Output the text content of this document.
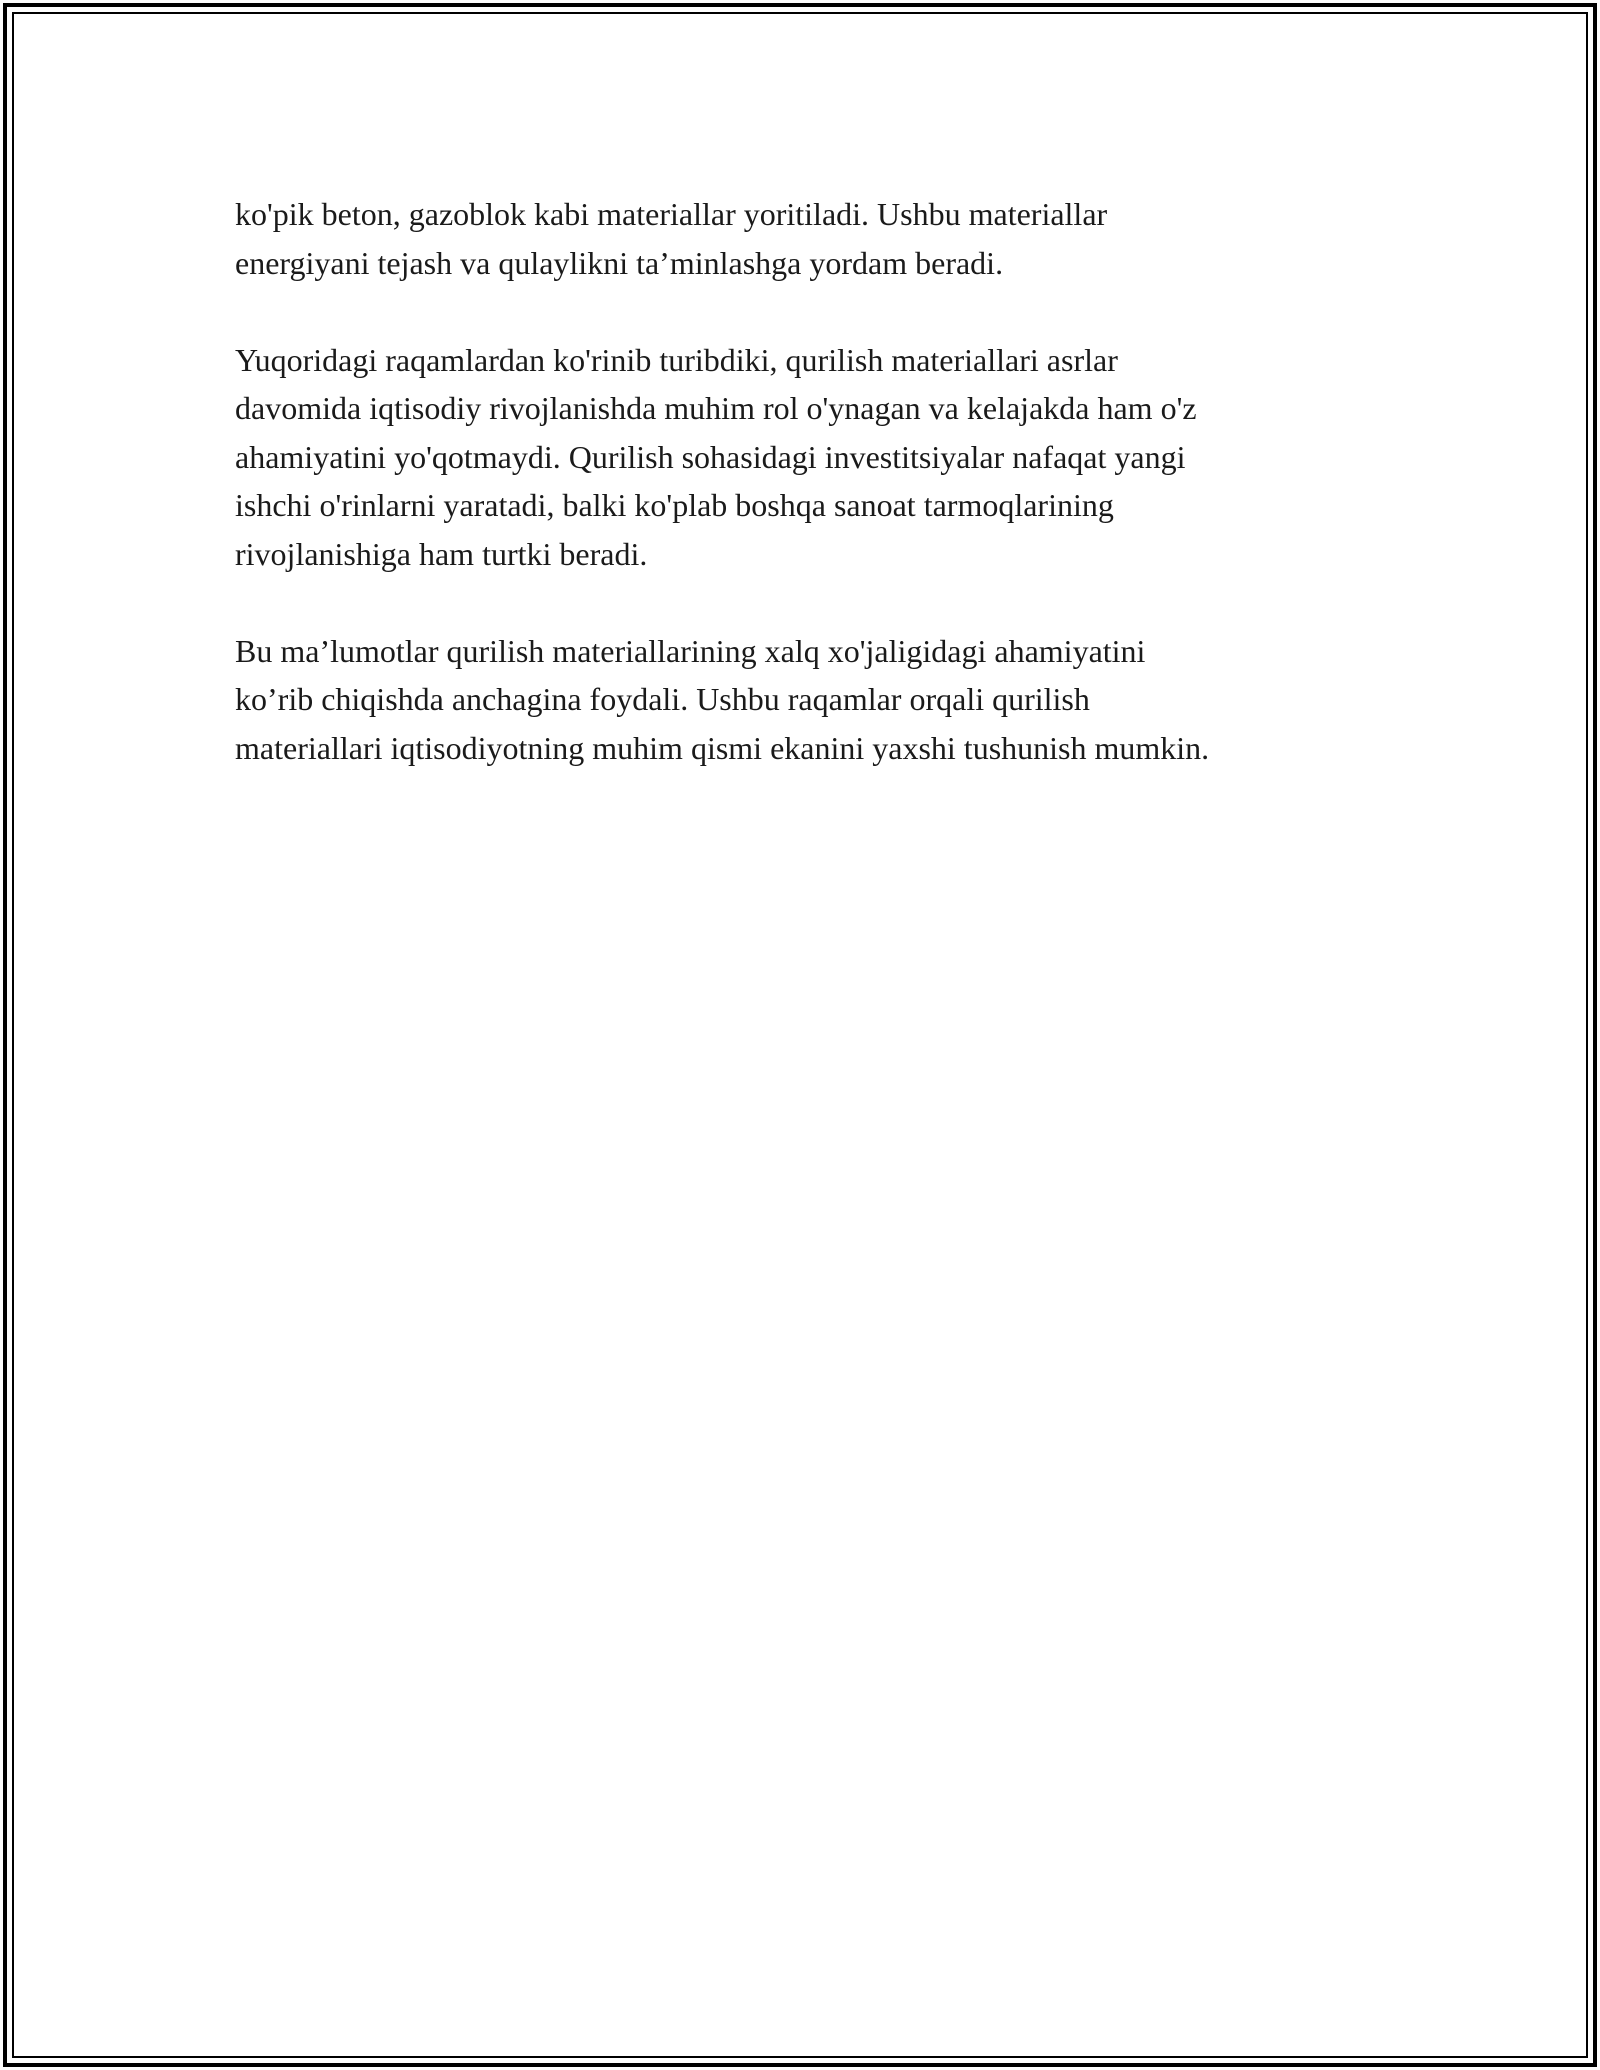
ko'pik beton, gazoblok kabi materiallar yoritiladi. Ushbu materiallar
energiyani tejash va qulaylikni ta’minlashga yordam beradi.
Yuqoridagi raqamlardan ko'rinib turibdiki, qurilish materiallari asrlar
davomida iqtisodiy rivojlanishda muhim rol o'ynagan va kelajakda ham o'z
ahamiyatini yo'qotmaydi. Qurilish sohasidagi investitsiyalar nafaqat yangi
ishchi o'rinlarni yaratadi, balki ko'plab boshqa sanoat tarmoqlarining
rivojlanishiga ham turtki beradi.
Bu ma’lumotlar qurilish materiallarining xalq xo'jaligidagi ahamiyatini
ko’rib chiqishda anchagina foydali. Ushbu raqamlar orqali qurilish
materiallari iqtisodiyotning muhim qismi ekanini yaxshi tushunish mumkin.
